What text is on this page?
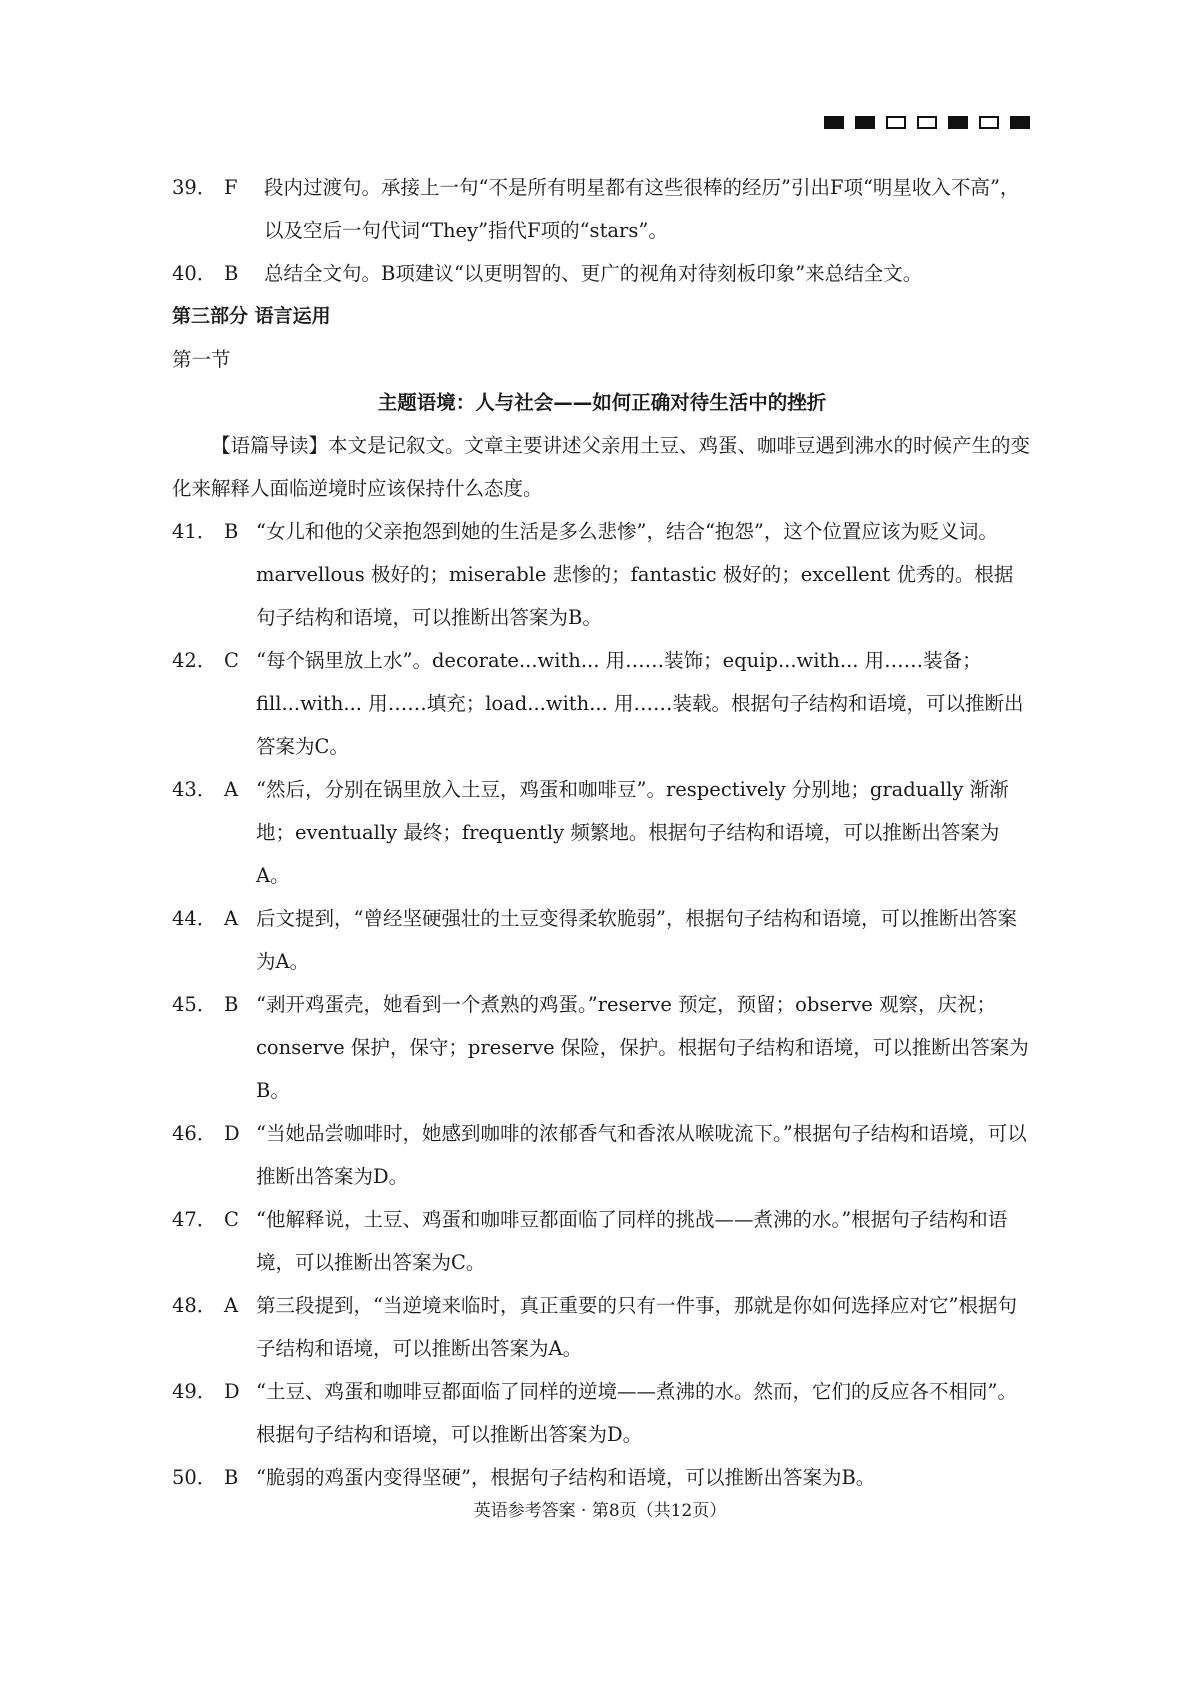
39． F	段内过渡句。承接上一句“不是所有明星都有这些很棒的经历”引出F项“明星收入不高”，以及空后一句代词“They”指代F项的“stars”。
40． B	总结全文句。B项建议“以更明智的、更广的视角对待刻板印象”来总结全文。
第三部分 语言运用
第一节
主题语境：人与社会——如何正确对待生活中的挫折
【语篇导读】本文是记叙文。文章主要讲述父亲用土豆、鸡蛋、咖啡豆遇到沸水的时候产生的变化来解释人面临逆境时应该保持什么态度。
41． B “女儿和他的父亲抱怨到她的生活是多么悲惨”，结合“抱怨”，这个位置应该为贬义词。marvellous 极好的；miserable 悲惨的；fantastic 极好的；excellent 优秀的。根据句子结构和语境，可以推断出答案为B。
42． C “每个锅里放上水”。decorate...with... 用……装饰；equip...with... 用……装备；fill...with... 用……填充；load...with... 用……装载。根据句子结构和语境，可以推断出答案为C。
43． A “然后，分别在锅里放入土豆，鸡蛋和咖啡豆”。respectively 分别地；gradually 渐渐地；eventually 最终；frequently 频繁地。根据句子结构和语境，可以推断出答案为A。
44． A 后文提到，“曾经坚硬强壮的土豆变得柔软脆弱”，根据句子结构和语境，可以推断出答案为A。
45． B “剥开鸡蛋壳，她看到一个煮熟的鸡蛋。”reserve 预定，预留；observe 观察，庆祝；conserve 保护，保守；preserve 保险，保护。根据句子结构和语境，可以推断出答案为B。
46． D “当她品尝咖啡时，她感到咖啡的浓郁香气和香浓从喉咙流下。”根据句子结构和语境，可以推断出答案为D。
47． C “他解释说，土豆、鸡蛋和咖啡豆都面临了同样的挑战——煮沸的水。”根据句子结构和语境，可以推断出答案为C。
48． A 第三段提到，“当逆境来临时，真正重要的只有一件事，那就是你如何选择应对它”根据句子结构和语境，可以推断出答案为A。
49． D “土豆、鸡蛋和咖啡豆都面临了同样的逆境——煮沸的水。然而，它们的反应各不相同”。根据句子结构和语境，可以推断出答案为D。
50． B “脆弱的鸡蛋内变得坚硬”，根据句子结构和语境，可以推断出答案为B。
英语参考答案 · 第8页（共12页）
